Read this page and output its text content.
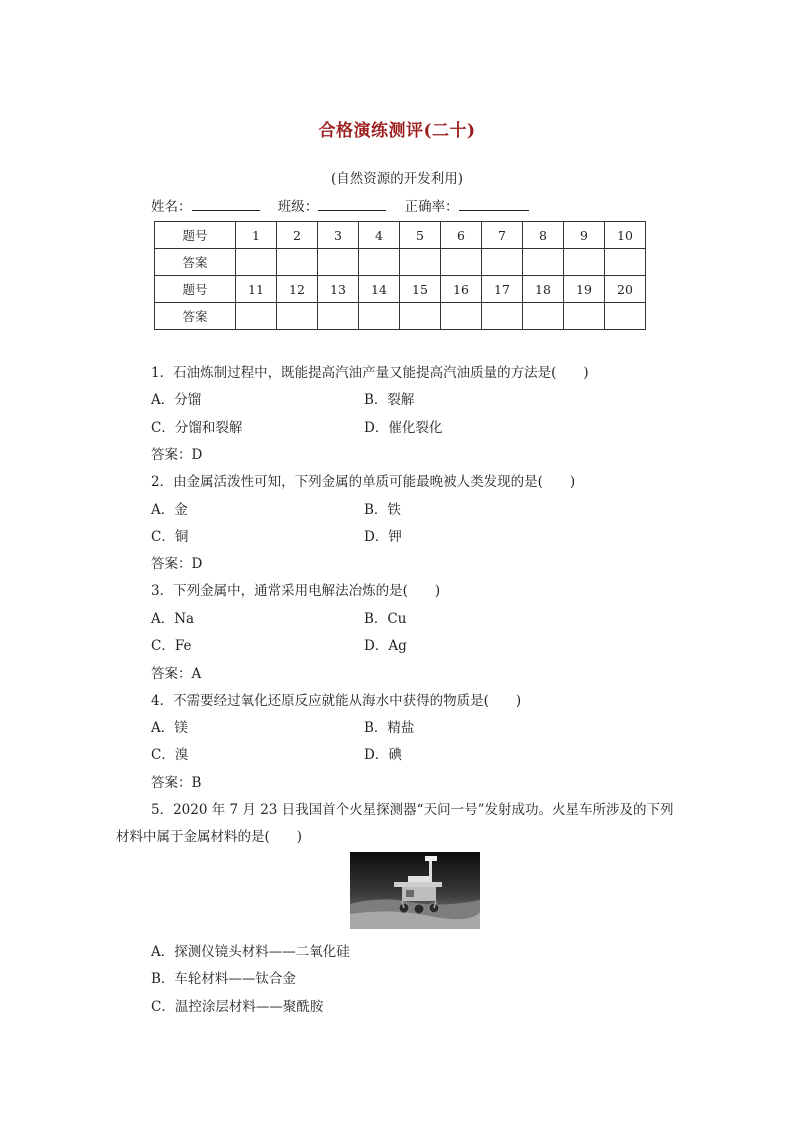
合格演练测评(二十)
(自然资源的开发利用)
姓名：	班级：	正确率：
题号	1	2	3	4	5	6	7	8	9	10
答案										
题号	11	12	13	14	15	16	17	18	19	20
答案										
1．石油炼制过程中，既能提高汽油产量又能提高汽油质量的方法是(　　)
A．分馏	B．裂解
C．分馏和裂解	D．催化裂化
答案：D
2．由金属活泼性可知，下列金属的单质可能最晚被人类发现的是(　　)
A．金	B．铁
C．铜	D．钾
答案：D
3．下列金属中，通常采用电解法冶炼的是(　　)
A．Na	B．Cu
C．Fe	D．Ag
答案：A
4．不需要经过氧化还原反应就能从海水中获得的物质是(　　)
A．镁	B．精盐
C．溴	D．碘
答案：B
5．2020 年 7 月 23 日我国首个火星探测器“天问一号”发射成功。火星车所涉及的下列
材料中属于金属材料的是(　　)
A．探测仪镜头材料——二氧化硅
B．车轮材料——钛合金
C．温控涂层材料——聚酰胺
